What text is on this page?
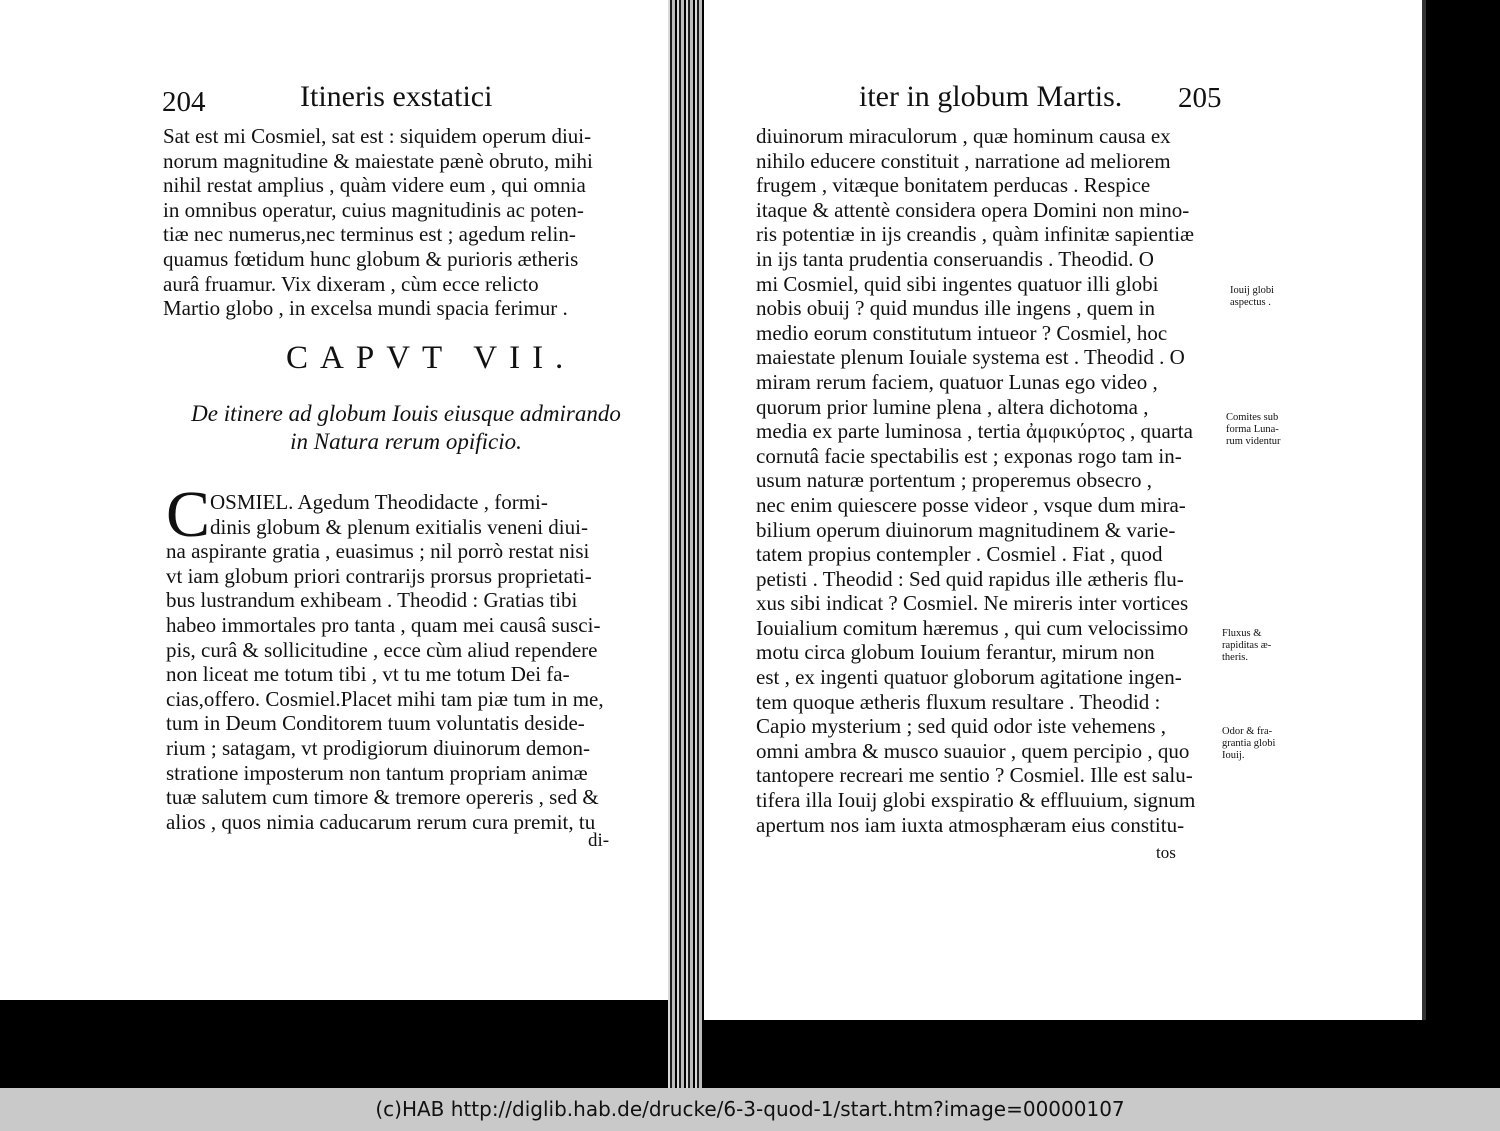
204	Itineris exstatici
Sat est mi Cosmiel, sat est : siquidem operum diui-
norum magnitudine & maiestate pænè obruto, mihi
nihil restat amplius , quàm videre eum , qui omnia
in omnibus operatur, cuius magnitudinis ac poten-
tiæ nec numerus,nec terminus est ; agedum relin-
quamus fœtidum hunc globum & purioris ætheris
aurâ fruamur. Vix dixeram , cùm ecce relicto
Martio globo , in excelsa mundi spacia ferimur .
CAPVT VII.
De itinere ad globum Iouis eiusque admirando
in Natura rerum opificio.
C OSMIEL. Agedum Theodidacte , formi-
dinis globum & plenum exitialis veneni diui-
na aspirante gratia , euasimus ; nil porrò restat nisi
vt iam globum priori contrarijs prorsus proprietati-
bus lustrandum exhibeam . Theodid : Gratias tibi
habeo immortales pro tanta , quam mei causâ susci-
pis, curâ & sollicitudine , ecce cùm aliud rependere
non liceat me totum tibi , vt tu me totum Dei fa-
cias,offero. Cosmiel.Placet mihi tam piæ tum in me,
tum in Deum Conditorem tuum voluntatis deside-
rium ; satagam, vt prodigiorum diuinorum demon-
stratione imposterum non tantum propriam animæ
tuæ salutem cum timore & tremore opereris , sed &
alios , quos nimia caducarum rerum cura premit, tu
di-
iter in globum Martis. 205
diuinorum miraculorum , quæ hominum causa ex
nihilo educere constituit , narratione ad meliorem
frugem , vitæque bonitatem perducas . Respice
itaque & attentè considera opera Domini non mino-
ris potentiæ in ijs creandis , quàm infinitæ sapientiæ
in ijs tanta prudentia conseruandis . Theodid. O
mi Cosmiel, quid sibi ingentes quatuor illi globi
nobis obuij ? quid mundus ille ingens , quem in
medio eorum constitutum intueor ? Cosmiel, hoc
maiestate plenum Iouiale systema est . Theodid . O
miram rerum faciem, quatuor Lunas ego video ,
quorum prior lumine plena , altera dichotoma ,
media ex parte luminosa , tertia ἀμφικύρτος , quarta
cornutâ facie spectabilis est ; exponas rogo tam in-
usum naturæ portentum ; properemus obsecro ,
nec enim quiescere posse videor , vsque dum mira-
bilium operum diuinorum magnitudinem & varie-
tatem propius contempler . Cosmiel . Fiat , quod
petisti . Theodid : Sed quid rapidus ille ætheris flu-
xus sibi indicat ? Cosmiel. Ne mireris inter vortices
Iouialium comitum hæremus , qui cum velocissimo
motu circa globum Iouium ferantur, mirum non
est , ex ingenti quatuor globorum agitatione ingen-
tem quoque ætheris fluxum resultare . Theodid :
Capio mysterium ; sed quid odor iste vehemens ,
omni ambra & musco suauior , quem percipio , quo
tantopere recreari me sentio ? Cosmiel. Ille est salu-
tifera illa Iouij globi exspiratio & effluuium, signum
apertum nos iam iuxta atmosphæram eius constitu-
tos
Iouij globi
aspectus .
Comites sub
forma Luna-
rum videntur
Fluxus &
rapiditas æ-
theris.
Odor & fra-
grantia globi
Iouij.
(c)HAB http://diglib.hab.de/drucke/6-3-quod-1/start.htm?image=00000107
